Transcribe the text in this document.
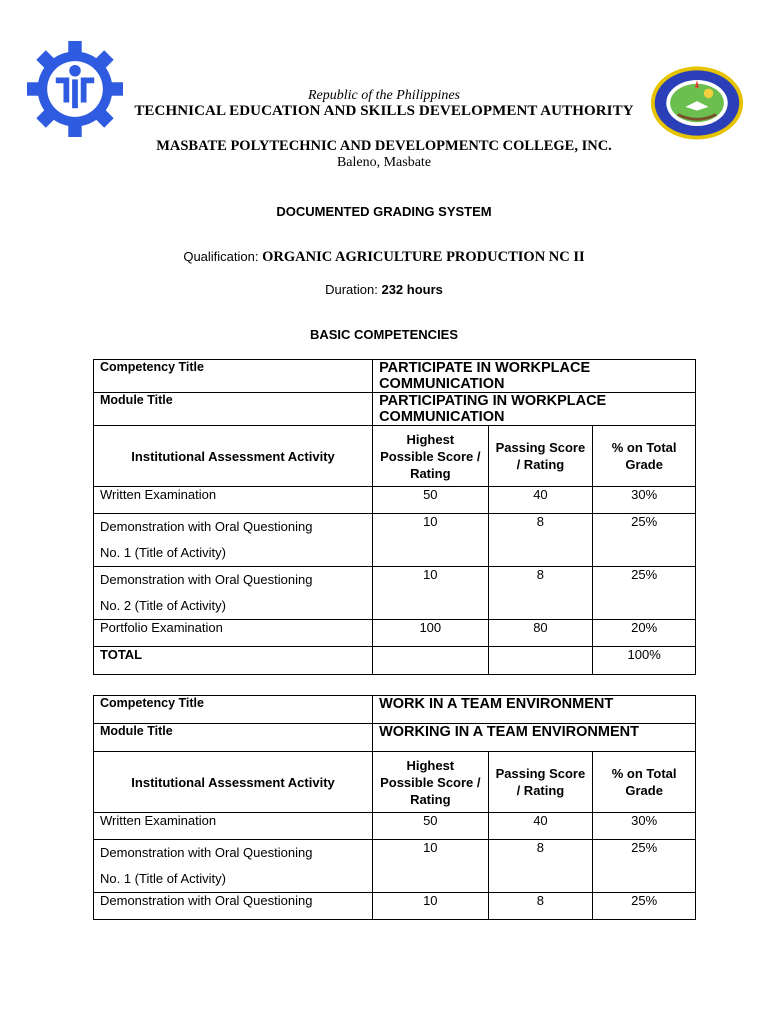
Republic of the Philippines
TECHNICAL EDUCATION AND SKILLS DEVELOPMENT AUTHORITY
MASBATE POLYTECHNIC AND DEVELOPMENTC COLLEGE, INC.
Baleno, Masbate
DOCUMENTED GRADING SYSTEM
Qualification: ORGANIC AGRICULTURE PRODUCTION NC II
Duration: 232 hours
BASIC COMPETENCIES
Competency Title	PARTICIPATE IN WORKPLACE COMMUNICATION		
Module Title	PARTICIPATING IN WORKPLACE COMMUNICATION		
Institutional Assessment Activity	Highest Possible Score / Rating	Passing Score / Rating	% on Total Grade
Written Examination	50	40	30%

Demonstration with Oral Questioning
No. 1 (Title of Activity)	10	8	25%

Demonstration with Oral Questioning
No. 2 (Title of Activity)	10	8	25%
Portfolio Examination	100	80	20%
TOTAL			100%
Competency Title	WORK IN A TEAM ENVIRONMENT		
Module Title	WORKING IN A TEAM ENVIRONMENT		
Institutional Assessment Activity	Highest Possible Score / Rating	Passing Score / Rating	% on Total Grade
Written Examination	50	40	30%

Demonstration with Oral Questioning
No. 1 (Title of Activity)	10	8	25%
Demonstration with Oral Questioning	10	8	25%
